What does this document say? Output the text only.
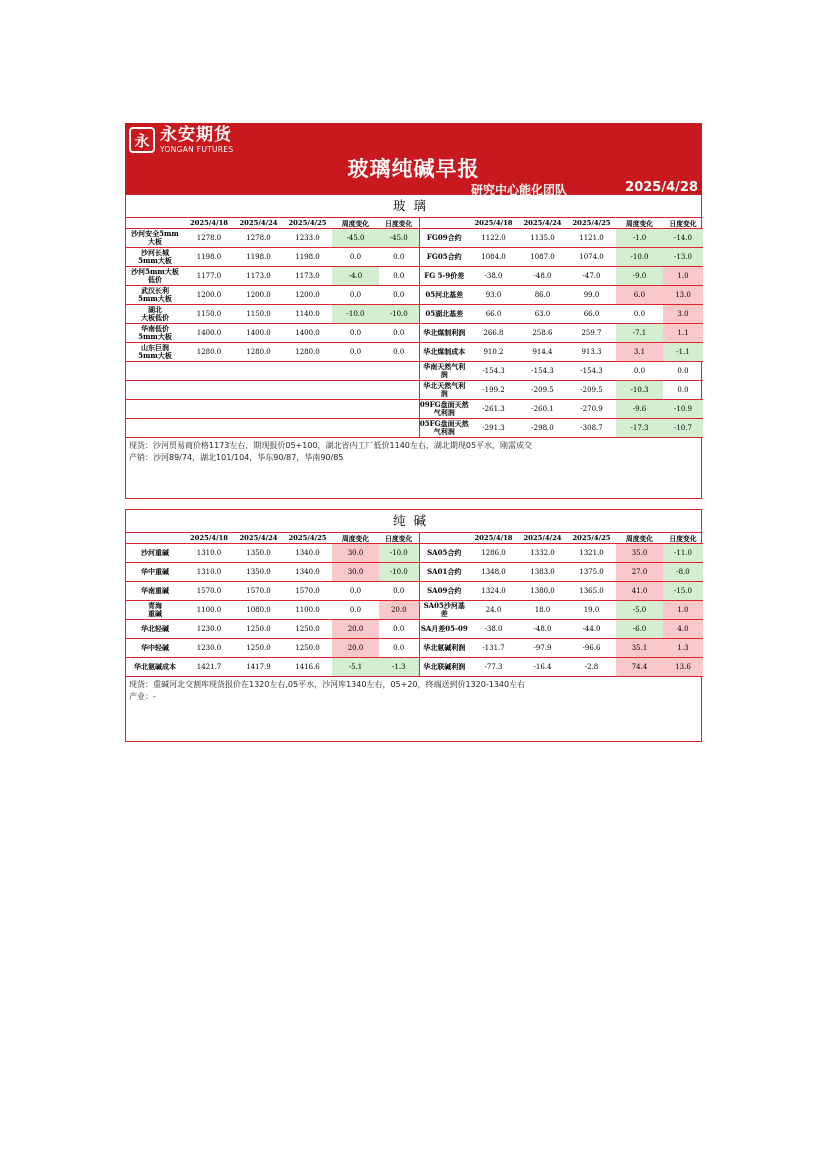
永 永安期货
YONGAN FUTURES
玻璃纯碱早报
研究中心能化团队	2025/4/28
玻璃
	2025/4/18	2025/4/24	2025/4/25	周度变化	日度变化		2025/4/18	2025/4/24	2025/4/25	周度变化	日度变化
沙河安全5mm
大板	1278.0	1278.0	1233.0	-45.0	-45.0	FG09合约	1122.0	1135.0	1121.0	-1.0	-14.0
沙河长城
5mm大板	1198.0	1198.0	1198.0	0.0	0.0	FG05合约	1084.0	1087.0	1074.0	-10.0	-13.0
沙河5mm大板
低价	1177.0	1173.0	1173.0	-4.0	0.0	FG 5-9价差	-38.0	-48.0	-47.0	-9.0	1.0
武汉长利
5mm大板	1200.0	1200.0	1200.0	0.0	0.0	05河北基差	93.0	86.0	99.0	6.0	13.0
湖北
大板低价	1150.0	1150.0	1140.0	-10.0	-10.0	05湖北基差	66.0	63.0	66.0	0.0	3.0
华南低价
5mm大板	1400.0	1400.0	1400.0	0.0	0.0	华北煤制利润	266.8	258.6	259.7	-7.1	1.1
山东巨润
5mm大板	1280.0	1280.0	1280.0	0.0	0.0	华北煤制成本	910.2	914.4	913.3	3.1	-1.1
						华南天然气利
润	-154.3	-154.3	-154.3	0.0	0.0
						华北天然气利
润	-199.2	-209.5	-209.5	-10.3	0.0
						09FG盘面天然
气利润	-261.3	-260.1	-270.9	-9.6	-10.9
						05FG盘面天然
气利润	-291.3	-298.0	-308.7	-17.3	-10.7
现货：沙河贸易商价格1173左右，期现报价05+100，湖北省内工厂低价1140左右，湖北期现05平水，刚需成交
产销：沙河89/74，湖北101/104，华东90/87，华南90/85
纯碱
	2025/4/18	2025/4/24	2025/4/25	周度变化	日度变化		2025/4/18	2025/4/24	2025/4/25	周度变化	日度变化
沙河重碱	1310.0	1350.0	1340.0	30.0	-10.0	SA05合约	1286.0	1332.0	1321.0	35.0	-11.0
华中重碱	1310.0	1350.0	1340.0	30.0	-10.0	SA01合约	1348.0	1383.0	1375.0	27.0	-8.0
华南重碱	1570.0	1570.0	1570.0	0.0	0.0	SA09合约	1324.0	1380.0	1365.0	41.0	-15.0
青海
重碱	1100.0	1080.0	1100.0	0.0	20.0	SA05沙河基
差	24.0	18.0	19.0	-5.0	1.0
华北轻碱	1230.0	1250.0	1250.0	20.0	0.0	SA月差05-09	-38.0	-48.0	-44.0	-6.0	4.0
华中轻碱	1230.0	1250.0	1250.0	20.0	0.0	华北氨碱利润	-131.7	-97.9	-96.6	35.1	1.3
华北氨碱成本	1421.7	1417.9	1416.6	-5.1	-1.3	华北联碱利润	-77.3	-16.4	-2.8	74.4	13.6
现货：重碱河北交割库现货报价在1320左右,05平水，沙河库1340左右，05+20，终端送到价1320-1340左右
产业：-
